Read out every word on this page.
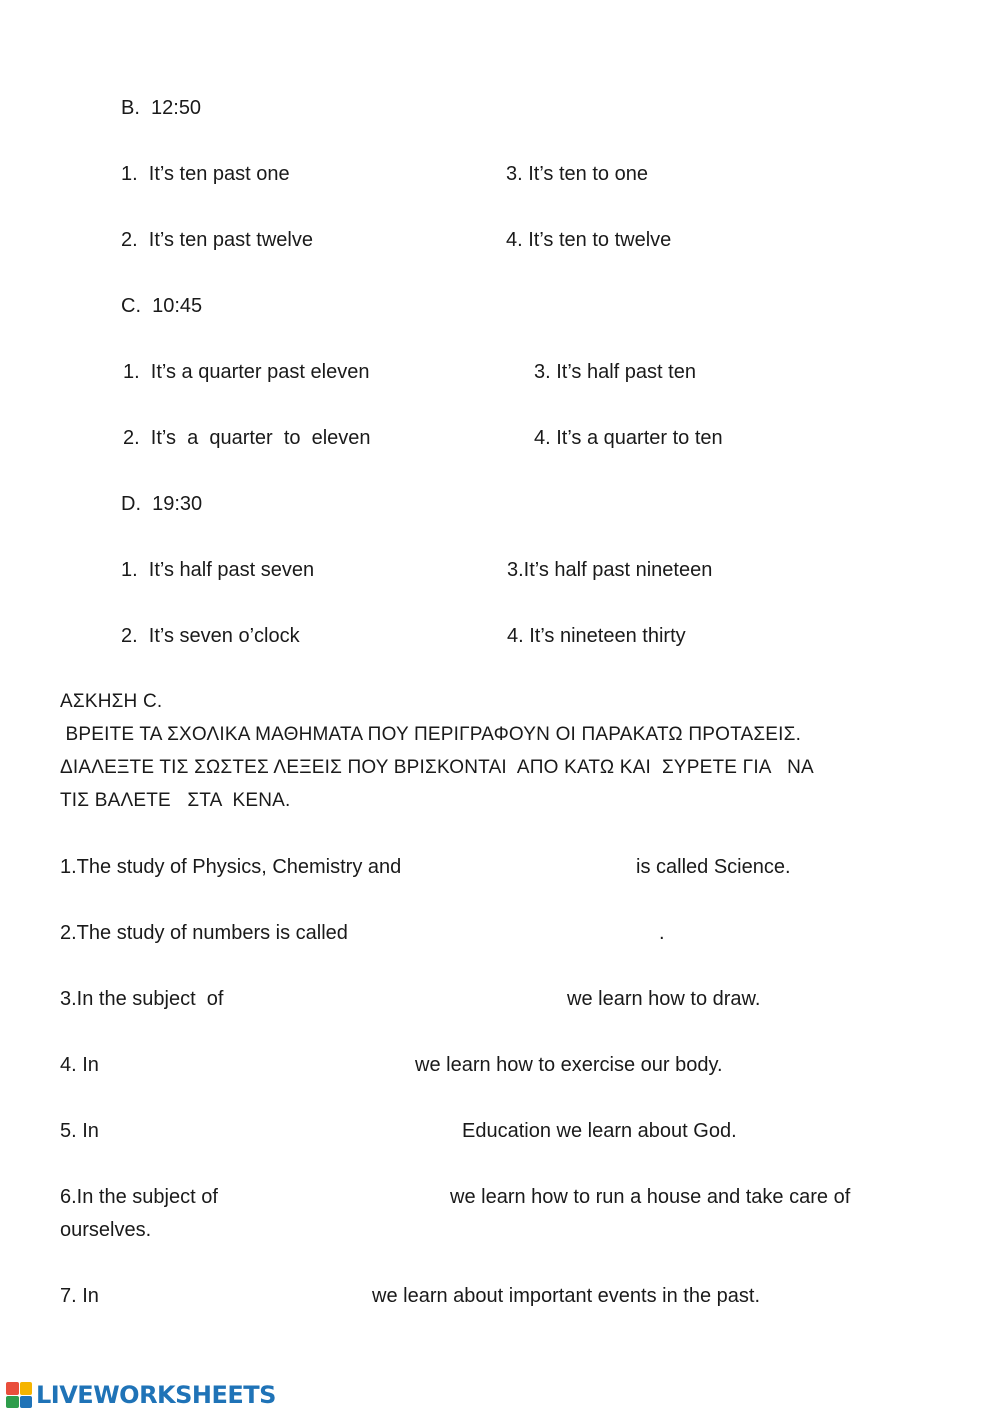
B.  12:50
1.  It’s ten past one	3. It’s ten to one
2.  It’s ten past twelve	4. It’s ten to twelve
C.  10:45
1.  It’s a quarter past eleven	3. It’s half past ten
2.  It’s  a  quarter  to  eleven	4. It’s a quarter to ten
D.  19:30
1.  It’s half past seven	3.It’s half past nineteen
2.  It’s seven o’clock	4. It’s nineteen thirty
ΑΣΚΗΣΗ C.
ΒΡΕΙΤΕ ΤΑ ΣΧΟΛΙΚΑ ΜΑΘΗΜΑΤΑ ΠΟΥ ΠΕΡΙΓΡΑΦΟΥΝ ΟΙ ΠΑΡΑΚΑΤΩ ΠΡΟΤΑΣΕΙΣ.
ΔΙΑΛΕΞΤΕ ΤΙΣ ΣΩΣΤΕΣ ΛΕΞΕΙΣ ΠΟΥ ΒΡΙΣΚΟΝΤΑΙ  ΑΠΟ ΚΑΤΩ ΚΑΙ  ΣΥΡΕΤΕ ΓΙΑ   ΝΑ
ΤΙΣ ΒΑΛΕΤΕ   ΣΤΑ  ΚΕΝΑ.
1.The study of Physics, Chemistry and	is called Science.
2.The study of numbers is called	.
3.In the subject  of	we learn how to draw.
4. In	we learn how to exercise our body.
5. In	Education we learn about God.
6.In the subject of	we learn how to run a house and take care of
ourselves.
7. In	we learn about important events in the past.
LIVEWORKSHEETS
